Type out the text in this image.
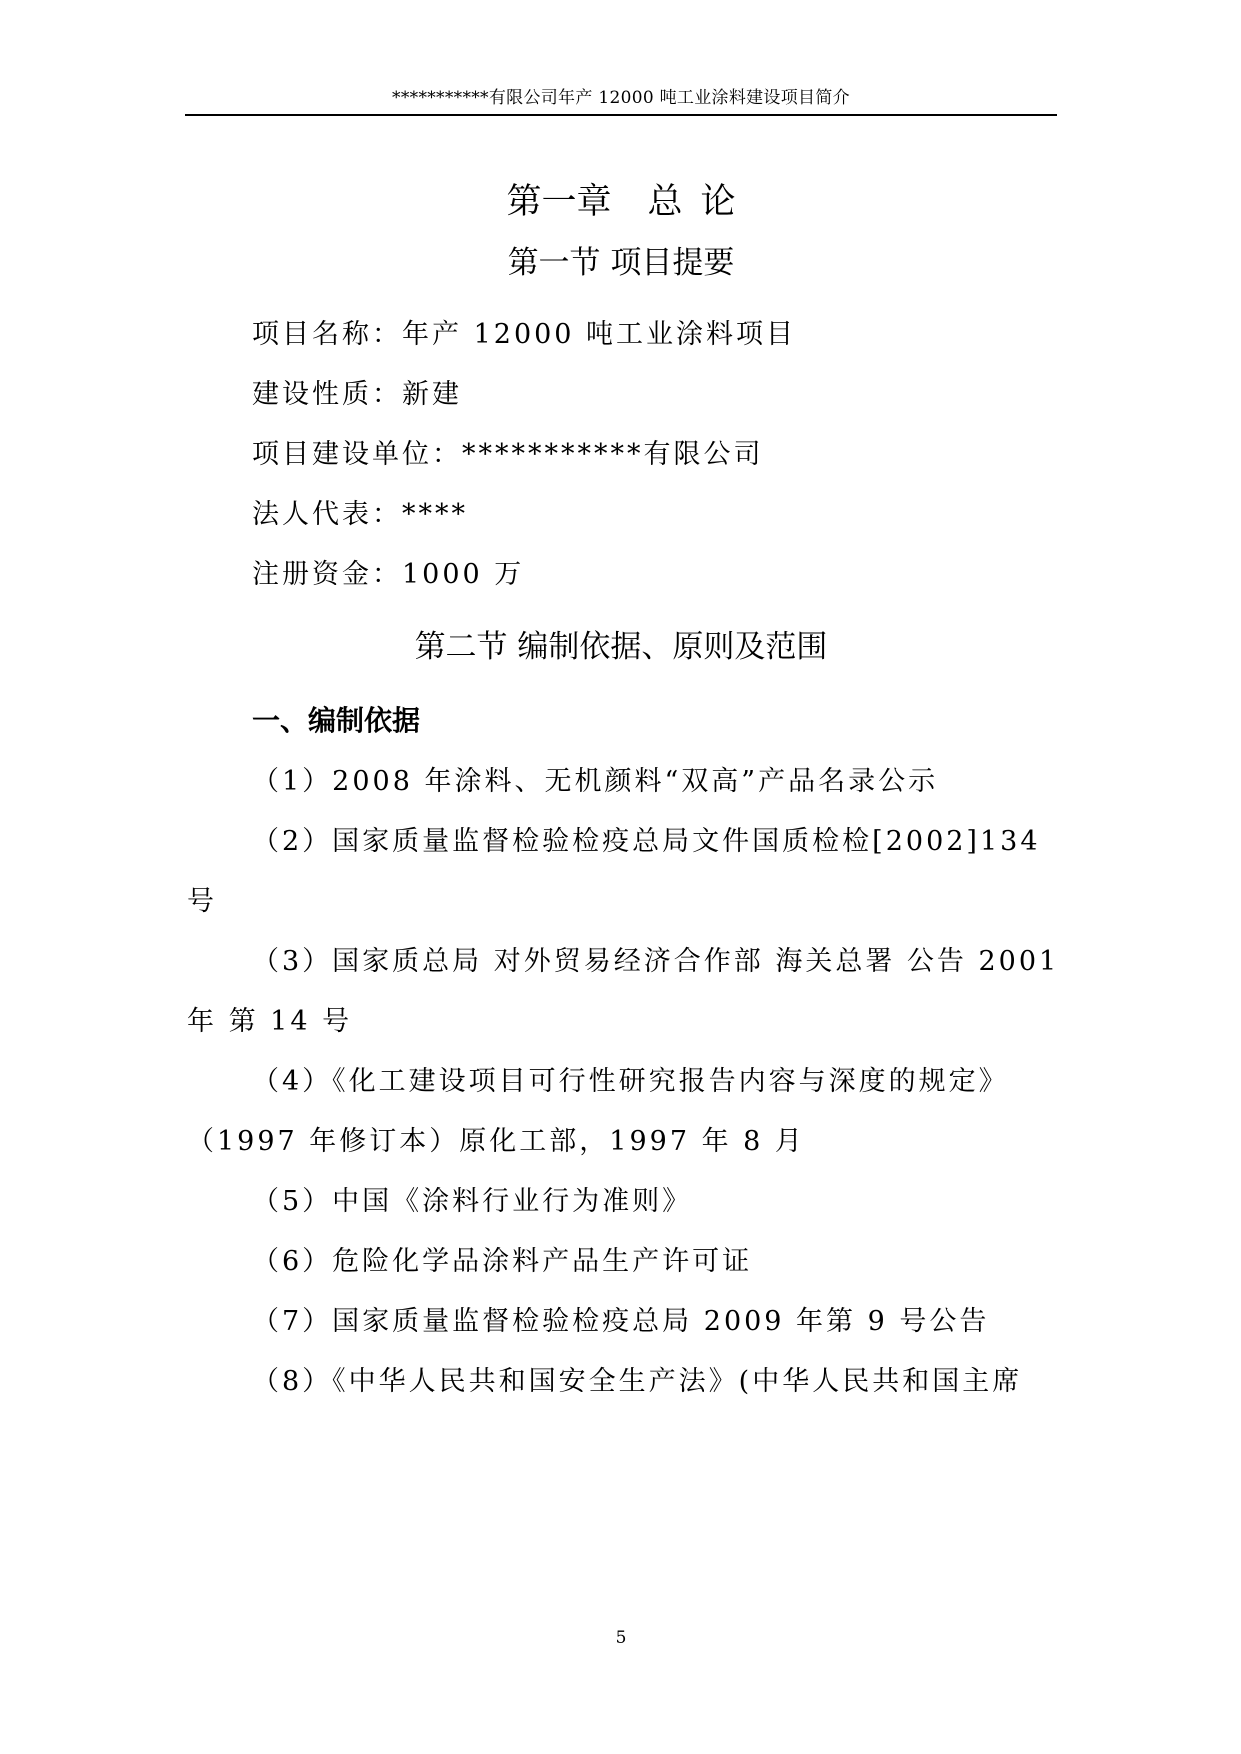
***********有限公司年产 12000 吨工业涂料建设项目简介
第一章 总 论
第一节 项目提要
项目名称：年产 12000 吨工业涂料项目
建设性质：新建
项目建设单位：***********有限公司
法人代表：****
注册资金：1000 万
第二节 编制依据、原则及范围
一、编制依据
（1）2008 年涂料、无机颜料“双高”产品名录公示
（2）国家质量监督检验检疫总局文件国质检检[2002]134
号
（3）国家质总局 对外贸易经济合作部 海关总署 公告 2001
年 第 14 号
（4）《化工建设项目可行性研究报告内容与深度的规定》
（1997 年修订本）原化工部，1997 年 8 月
（5）中国《涂料行业行为准则》
（6）危险化学品涂料产品生产许可证
（7）国家质量监督检验检疫总局 2009 年第 9 号公告
（8）《中华人民共和国安全生产法》(中华人民共和国主席
5
